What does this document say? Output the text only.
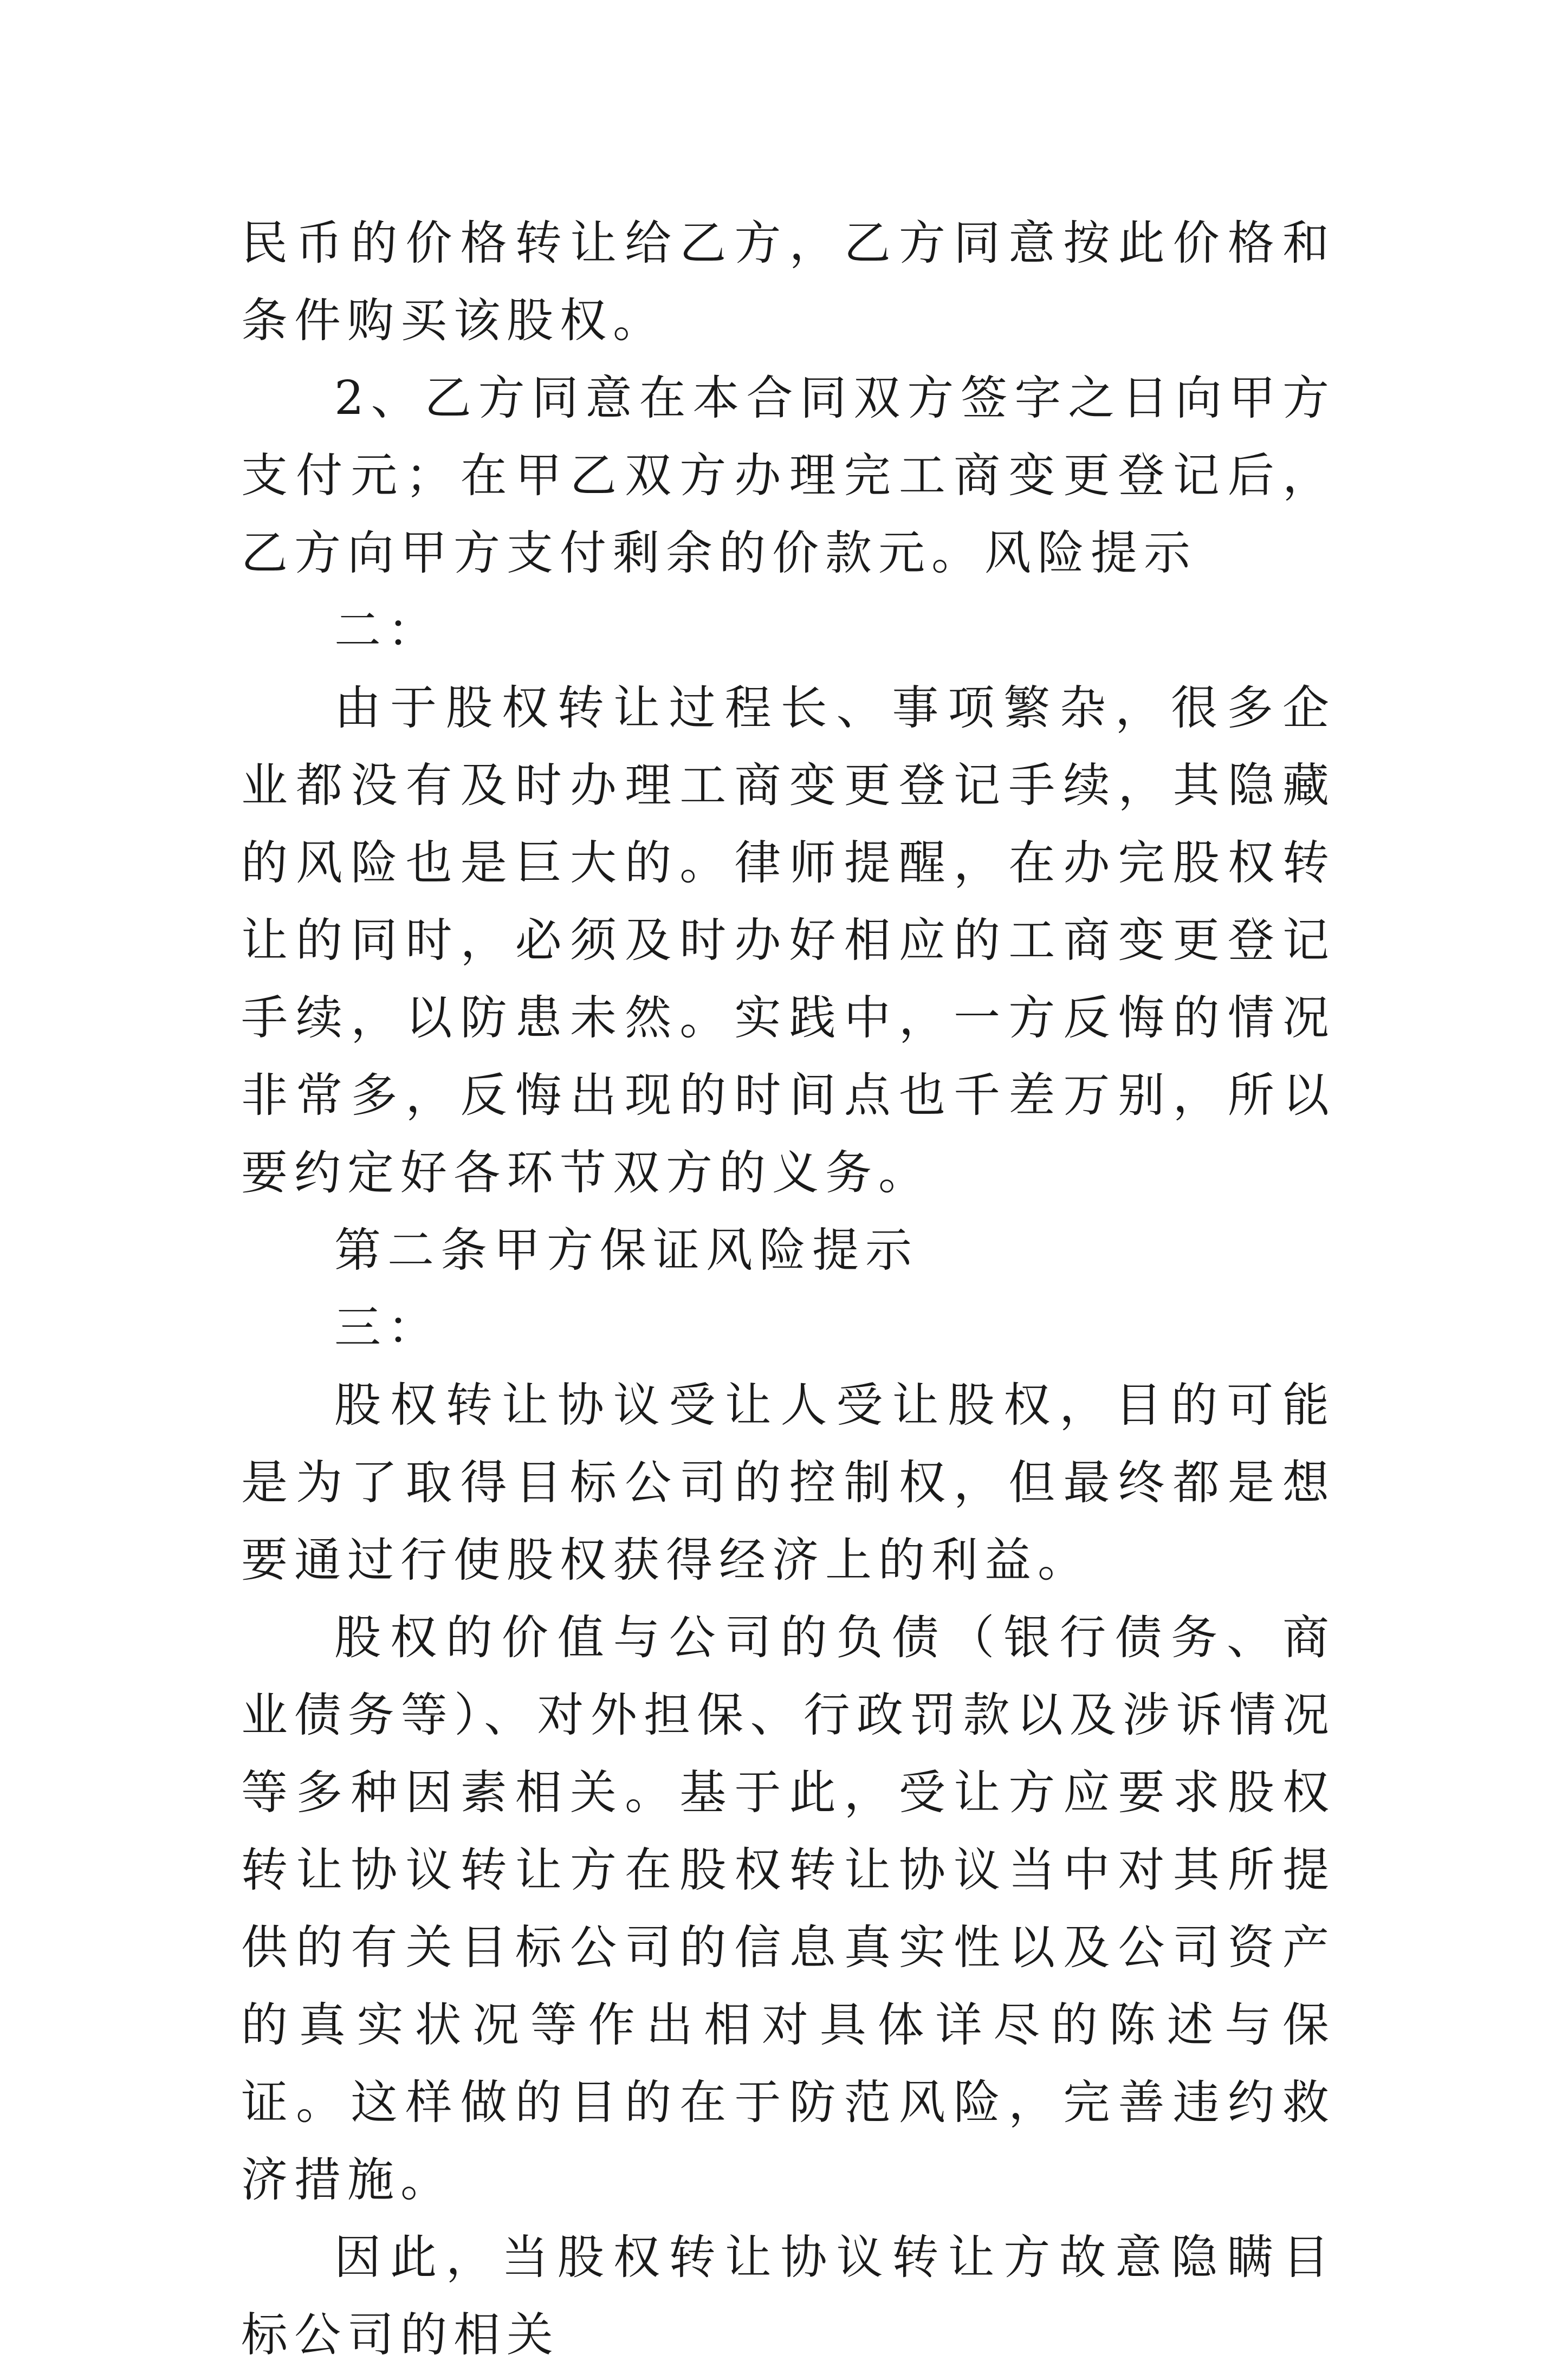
民币的价格转让给乙方，乙方同意按此价格和条件购买该股权。

2、乙方同意在本合同双方签字之日向甲方支付元；在甲乙双方办理完工商变更登记后，乙方向甲方支付剩余的价款元。风险提示

二：

由于股权转让过程长、事项繁杂，很多企业都没有及时办理工商变更登记手续，其隐藏的风险也是巨大的。律师提醒，在办完股权转让的同时，必须及时办好相应的工商变更登记手续，以防患未然。实践中，一方反悔的情况非常多，反悔出现的时间点也千差万别，所以要约定好各环节双方的义务。

第二条甲方保证风险提示

三：

股权转让协议受让人受让股权，目的可能是为了取得目标公司的控制权，但最终都是想要通过行使股权获得经济上的利益。

股权的价值与公司的负债（银行债务、商业债务等）、对外担保、行政罚款以及涉诉情况等多种因素相关。基于此，受让方应要求股权转让协议转让方在股权转让协议当中对其所提供的有关目标公司的信息真实性以及公司资产的真实状况等作出相对具体详尽的陈述与保证。这样做的目的在于防范风险，完善违约救济措施。

因此，当股权转让协议转让方故意隐瞒目标公司的相关
